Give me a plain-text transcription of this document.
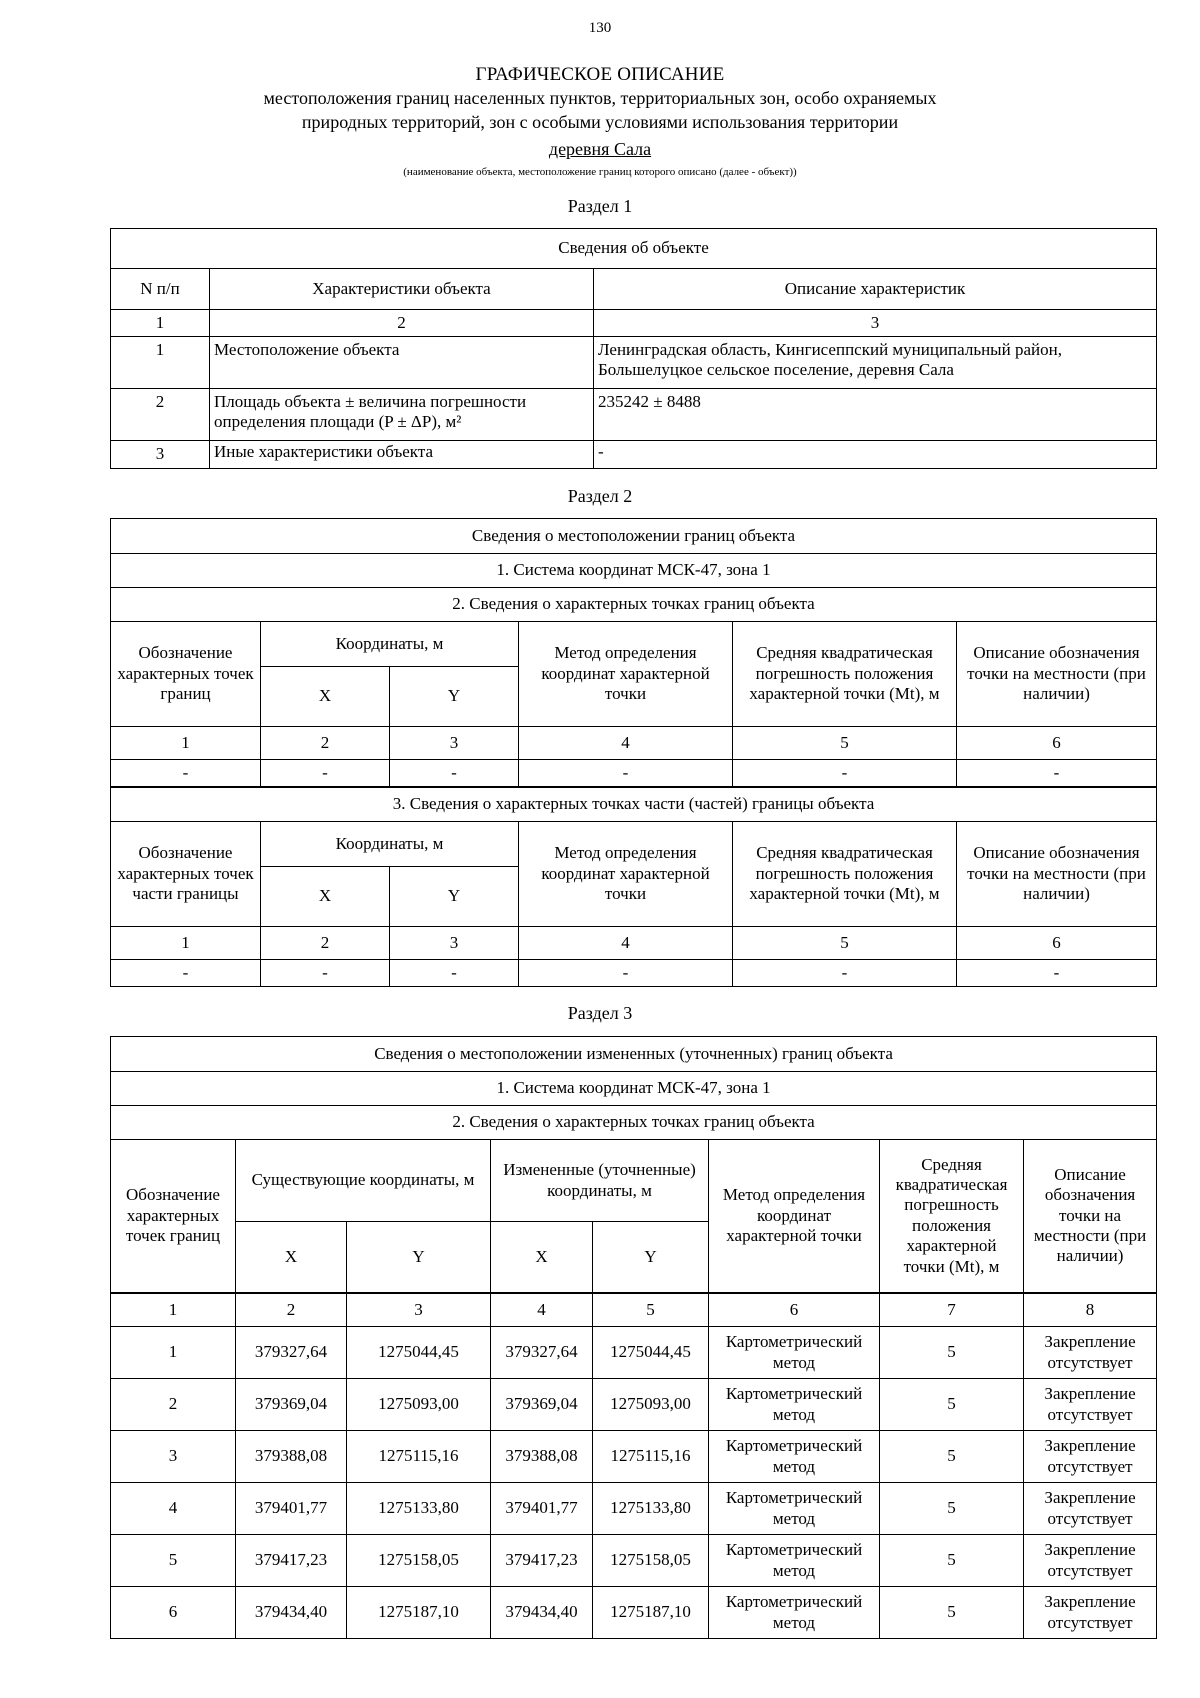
130
ГРАФИЧЕСКОЕ ОПИСАНИЕ
местоположения границ населенных пунктов, территориальных зон, особо охраняемых
природных территорий, зон с особыми условиями использования территории
деревня Сала
(наименование объекта, местоположение границ которого описано (далее - объект))
Раздел 1
Сведения об объекте		
N п/п	Характеристики объекта	Описание характеристик
1	2	3
1	Местоположение объекта	Ленинградская область, Кингисеппский муниципальный район, Большелуцкое сельское поселение, деревня Сала
2	Площадь объекта ± величина погрешности определения площади (P ± ΔP), м²	235242 ± 8488
3	Иные характеристики объекта	-
Раздел 2
Сведения о местоположении границ объекта					
1. Система координат МСК-47, зона 1					
2. Сведения о характерных точках границ объекта					
Обозначение характерных точек границ	Координаты, м		Метод определения координат характерной точки	Средняя квадратическая погрешность положения характерной точки (Mt), м	Описание обозначения точки на местности (при наличии)
	X	Y			
1	2	3	4	5	6
-	-	-	-	-	-
3. Сведения о характерных точках части (частей) границы объекта					
Обозначение характерных точек части границы	Координаты, м		Метод определения координат характерной точки	Средняя квадратическая погрешность положения характерной точки (Mt), м	Описание обозначения точки на местности (при наличии)
	X	Y			
1	2	3	4	5	6
-	-	-	-	-	-
Раздел 3
Сведения о местоположении измененных (уточненных) границ объекта							
1. Система координат МСК-47, зона 1							
2. Сведения о характерных точках границ объекта							
Обозначение характерных точек границ	Существующие координаты, м		Измененные (уточненные) координаты, м		Метод определения координат характерной точки	Средняя квадратическая погрешность положения характерной точки (Mt), м	Описание обозначения точки на местности (при наличии)
	X	Y	X	Y			
1	2	3	4	5	6	7	8
1	379327,64	1275044,45	379327,64	1275044,45	Картометрический метод	5	Закрепление отсутствует
2	379369,04	1275093,00	379369,04	1275093,00	Картометрический метод	5	Закрепление отсутствует
3	379388,08	1275115,16	379388,08	1275115,16	Картометрический метод	5	Закрепление отсутствует
4	379401,77	1275133,80	379401,77	1275133,80	Картометрический метод	5	Закрепление отсутствует
5	379417,23	1275158,05	379417,23	1275158,05	Картометрический метод	5	Закрепление отсутствует
6	379434,40	1275187,10	379434,40	1275187,10	Картометрический метод	5	Закрепление отсутствует
